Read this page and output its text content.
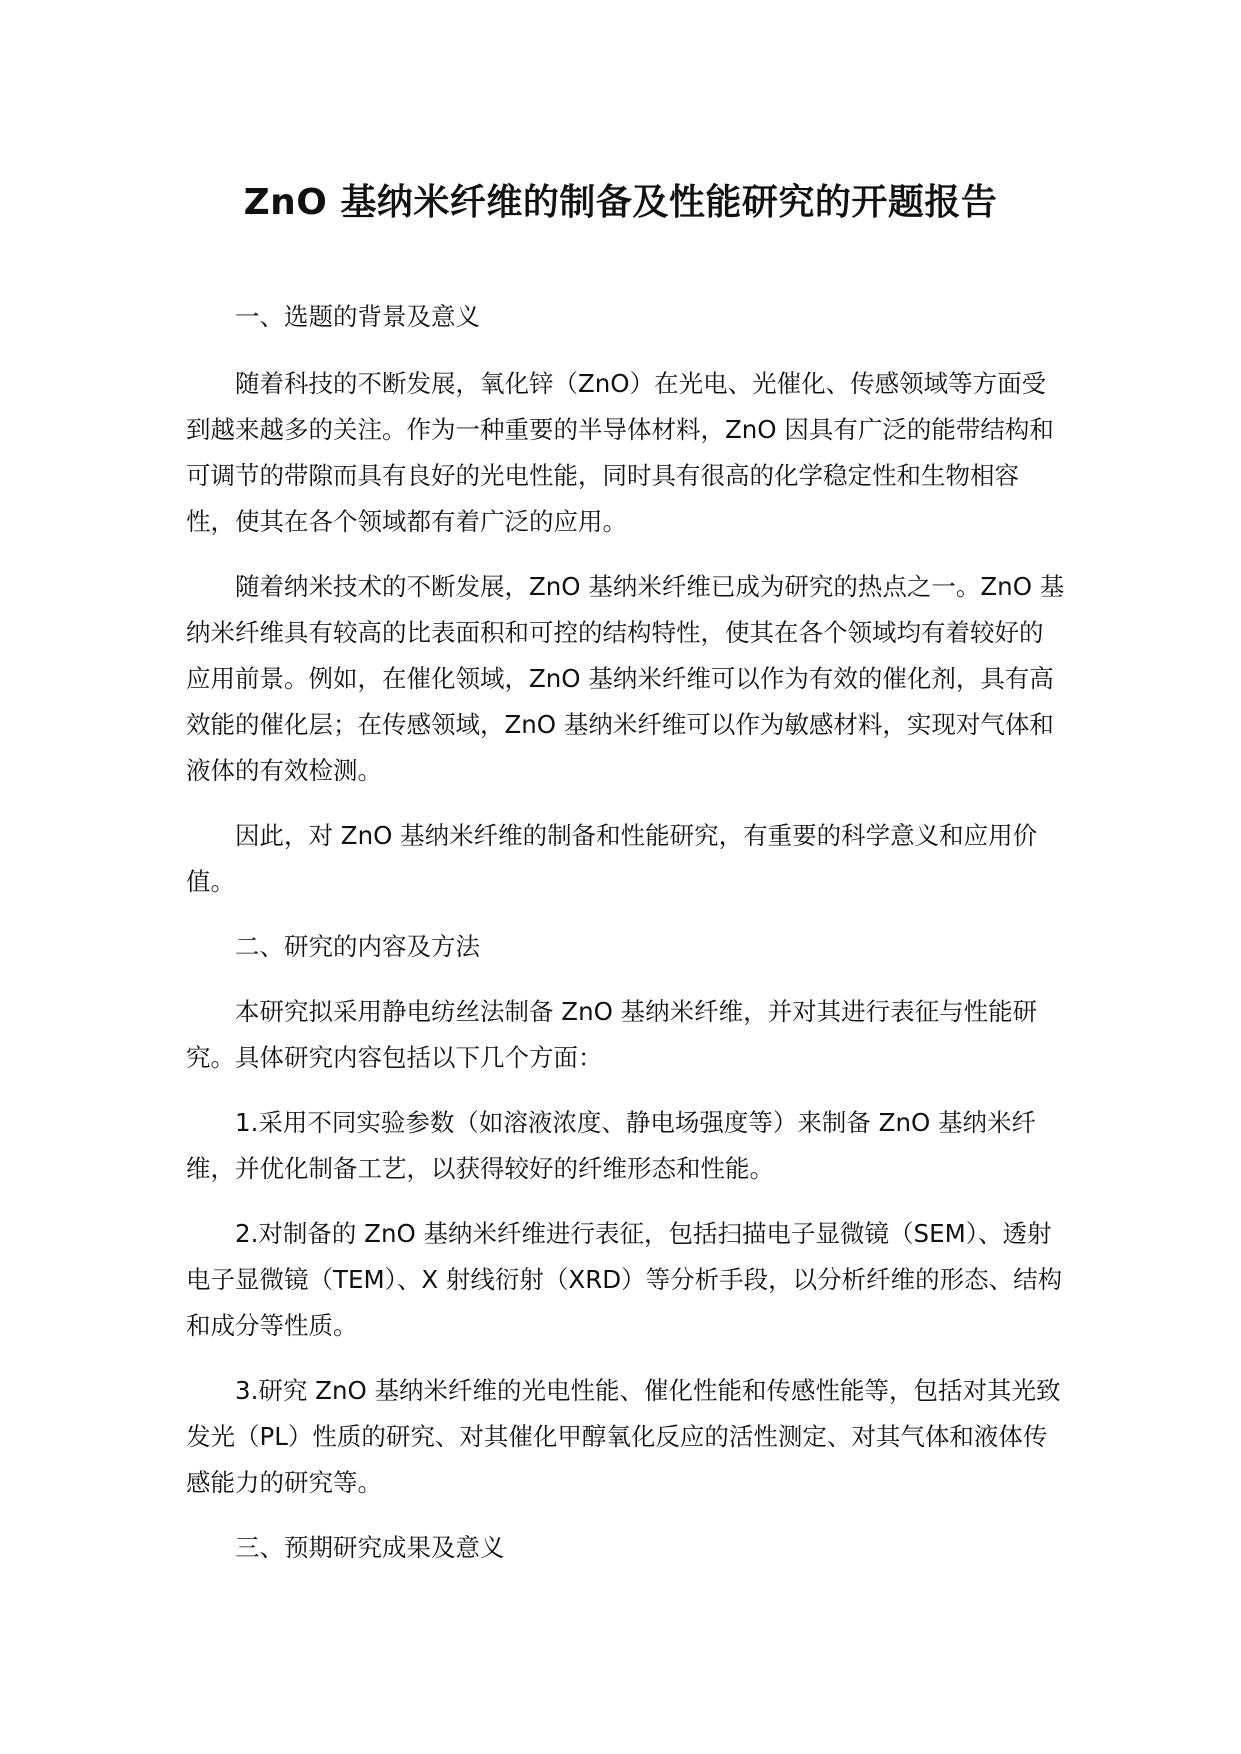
ZnO 基纳米纤维的制备及性能研究的开题报告

一、选题的背景及意义

随着科技的不断发展，氧化锌（ZnO）在光电、光催化、传感领域等方面受到越来越多的关注。作为一种重要的半导体材料，ZnO 因具有广泛的能带结构和可调节的带隙而具有良好的光电性能，同时具有很高的化学稳定性和生物相容性，使其在各个领域都有着广泛的应用。

随着纳米技术的不断发展，ZnO 基纳米纤维已成为研究的热点之一。ZnO 基纳米纤维具有较高的比表面积和可控的结构特性，使其在各个领域均有着较好的应用前景。例如，在催化领域，ZnO 基纳米纤维可以作为有效的催化剂，具有高效能的催化层；在传感领域，ZnO 基纳米纤维可以作为敏感材料，实现对气体和液体的有效检测。

因此，对 ZnO 基纳米纤维的制备和性能研究，有重要的科学意义和应用价值。

二、研究的内容及方法

本研究拟采用静电纺丝法制备 ZnO 基纳米纤维，并对其进行表征与性能研究。具体研究内容包括以下几个方面：

1.采用不同实验参数（如溶液浓度、静电场强度等）来制备 ZnO 基纳米纤维，并优化制备工艺，以获得较好的纤维形态和性能。

2.对制备的 ZnO 基纳米纤维进行表征，包括扫描电子显微镜（SEM）、透射电子显微镜（TEM）、X 射线衍射（XRD）等分析手段，以分析纤维的形态、结构和成分等性质。

3.研究 ZnO 基纳米纤维的光电性能、催化性能和传感性能等，包括对其光致发光（PL）性质的研究、对其催化甲醇氧化反应的活性测定、对其气体和液体传感能力的研究等。

三、预期研究成果及意义
